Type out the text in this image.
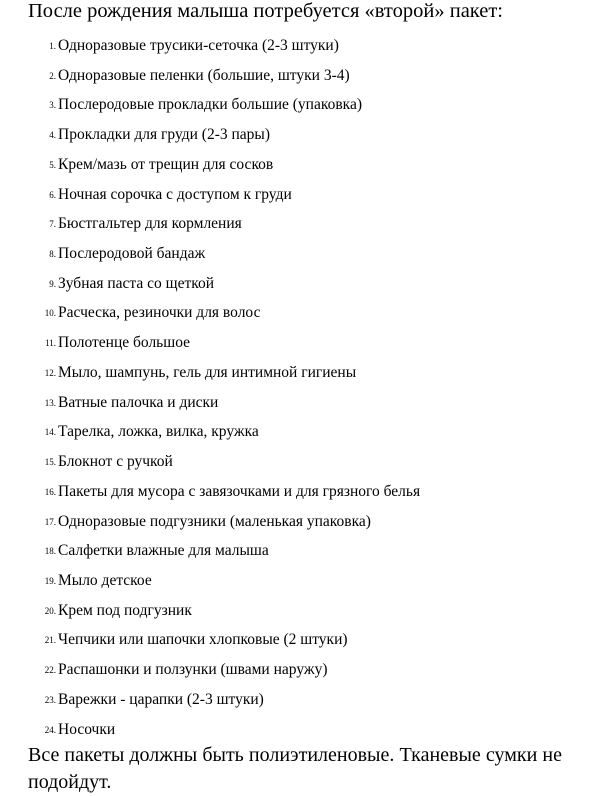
После рождения малыша потребуется «второй» пакет:
1. Одноразовые трусики-сеточка (2-3 штуки)
2. Одноразовые пеленки (большие, штуки 3-4)
3. Послеродовые прокладки большие (упаковка)
4. Прокладки для груди (2-3 пары)
5. Крем/мазь от трещин для сосков
6. Ночная сорочка с доступом к груди
7. Бюстгальтер для кормления
8. Послеродовой бандаж
9. Зубная паста со щеткой
10. Расческа, резиночки для волос
11. Полотенце большое
12. Мыло, шампунь, гель для интимной гигиены
13. Ватные палочка и диски
14. Тарелка, ложка, вилка, кружка
15. Блокнот с ручкой
16. Пакеты для мусора с завязочками и для грязного белья
17. Одноразовые подгузники (маленькая упаковка)
18. Салфетки влажные для малыша
19. Мыло детское
20. Крем под подгузник
21. Чепчики или шапочки хлопковые (2 штуки)
22. Распашонки и ползунки (швами наружу)
23. Варежки - царапки (2-3 штуки)
24. Носочки

Все пакеты должны быть полиэтиленовые. Тканевые сумки не подойдут.
